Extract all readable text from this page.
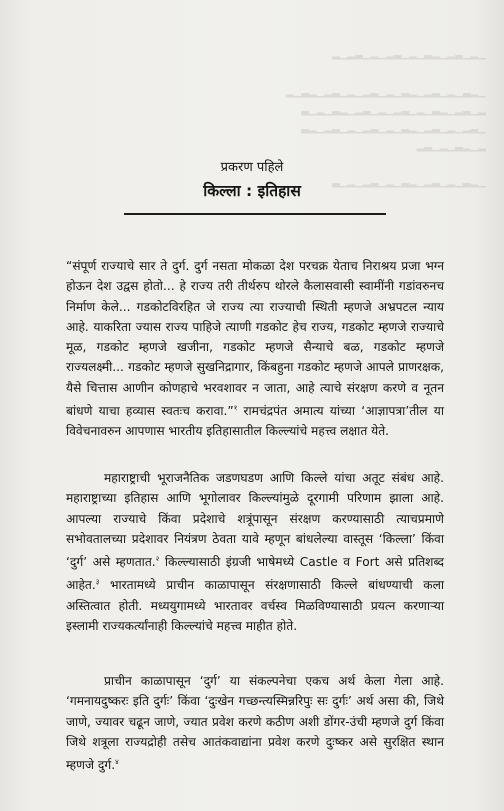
▁▂▁▃▂▁▂▃▁▂▁▃▂▁▂▁▃▂▁▂
▁▂▃▁▂▁▃▂▁▂▃▁▂▁▃▂▁▂▁▃▂▁▂▃▁▂
▂▁▃▂▁▂▃▁▂▁▃▂▁▂▁▃▂▁▂▃▁▂▁▃
▁▃▂▁▂▁▃▂▁▂▃▁▂▁▃▂▁▂▁▃▂▁▂▃
▂▁▂▃▁▂▁▃▂
▁▂▃▁▂▁▃▂▁▂▃▁▂▁▃▂▁▂▁▃
प्रकरण पहिले
किल्ला : इतिहास

“संपूर्ण राज्याचे सार ते दुर्ग. दुर्ग नसता मोकळा देश परचक्र येताच निराश्रय प्रजा भग्न होऊन देश उद्वस होतो... हे राज्य तरी तीर्थरुप थोरले कैलासवासी स्वामींनी गडांवरुनच निर्माण केले... गडकोटविरहित जे राज्य त्या राज्याची स्थिती म्हणजे अभ्रपटल न्याय आहे. याकरिता ज्यास राज्य पाहिजे त्याणी गडकोट हेच राज्य, गडकोट म्हणजे राज्याचे मूळ, गडकोट म्हणजे खजीना, गडकोट म्हणजे सैन्याचे बळ, गडकोट म्हणजे राज्यलक्ष्मी... गडकोट म्हणजे सुखनिद्रागार, किंबहुना गडकोट म्हणजे आपले प्राणरक्षक, यैसे चित्तास आणीन कोणहाचे भरवशावर न जाता, आहे त्याचे संरक्षण करणे व नूतन बांधणे याचा हव्यास स्वतःच करावा.”$^१$ रामचंद्रपंत अमात्य यांच्या ‘आज्ञापत्रा’तील या विवेचनावरुन आपणास भारतीय इतिहासातील किल्ल्यांचे महत्त्व लक्षात येते.

महाराष्ट्राची भूराजनैतिक जडणघडण आणि किल्ले यांचा अतूट संबंध आहे. महाराष्ट्राच्या इतिहास आणि भूगोलावर किल्ल्यांमुळे दूरगामी परिणाम झाला आहे. आपल्या राज्याचे किंवा प्रदेशाचे शत्रूंपासून संरक्षण करण्यासाठी त्याचप्रमाणे सभोवतालच्या प्रदेशावर नियंत्रण ठेवता यावे म्हणून बांधलेल्या वास्तूस ‘किल्ला’ किंवा ‘दुर्ग’ असे म्हणतात.$^२$ किल्ल्यासाठी इंग्रजी भाषेमध्ये Castle व Fort असे प्रतिशब्द आहेत.$^३$ भारतामध्ये प्राचीन काळापासून संरक्षणासाठी किल्ले बांधण्याची कला अस्तित्वात होती. मध्ययुगामध्ये भारतावर वर्चस्व मिळविण्यासाठी प्रयत्न करणाऱ्या इस्लामी राज्यकर्त्यांनाही किल्ल्यांचे महत्त्व माहीत होते.

प्राचीन काळापासून ‘दुर्ग’ या संकल्पनेचा एकच अर्थ केला गेला आहे. ‘गमनायदुष्करः इति दुर्गः’ किंवा ‘दुःखेन गच्छन्त्यस्मिन्नरिपुः सः दुर्गः’ अर्थ असा की, जिथे जाणे, ज्यावर चढून जाणे, ज्यात प्रवेश करणे कठीण अशी डोंगर-उंची म्हणजे दुर्ग किंवा जिथे शत्रूला राज्यद्रोही तसेच आतंकवाद्यांना प्रवेश करणे दुःष्कर असे सुरक्षित स्थान म्हणजे दुर्ग.$^४$
